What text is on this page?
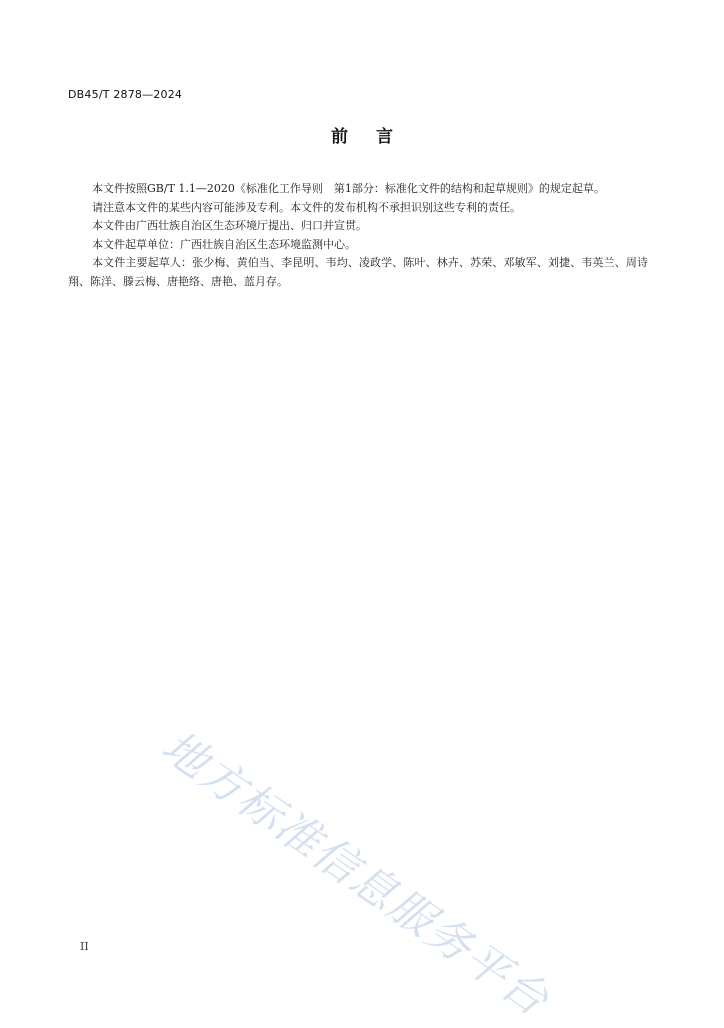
DB45/T 2878—2024
前言

本文件按照GB/T 1.1—2020《标准化工作导则　第1部分：标准化文件的结构和起草规则》的规定起草。

请注意本文件的某些内容可能涉及专利。本文件的发布机构不承担识别这些专利的责任。

本文件由广西壮族自治区生态环境厅提出、归口并宣贯。

本文件起草单位：广西壮族自治区生态环境监测中心。

本文件主要起草人：张少梅、黄伯当、李昆明、韦均、凌政学、陈叶、林卉、苏荣、邓敏军、刘捷、韦英兰、周诗翔、陈洋、滕云梅、唐艳络、唐艳、蓝月存。

地方标准信息服务平台
II
